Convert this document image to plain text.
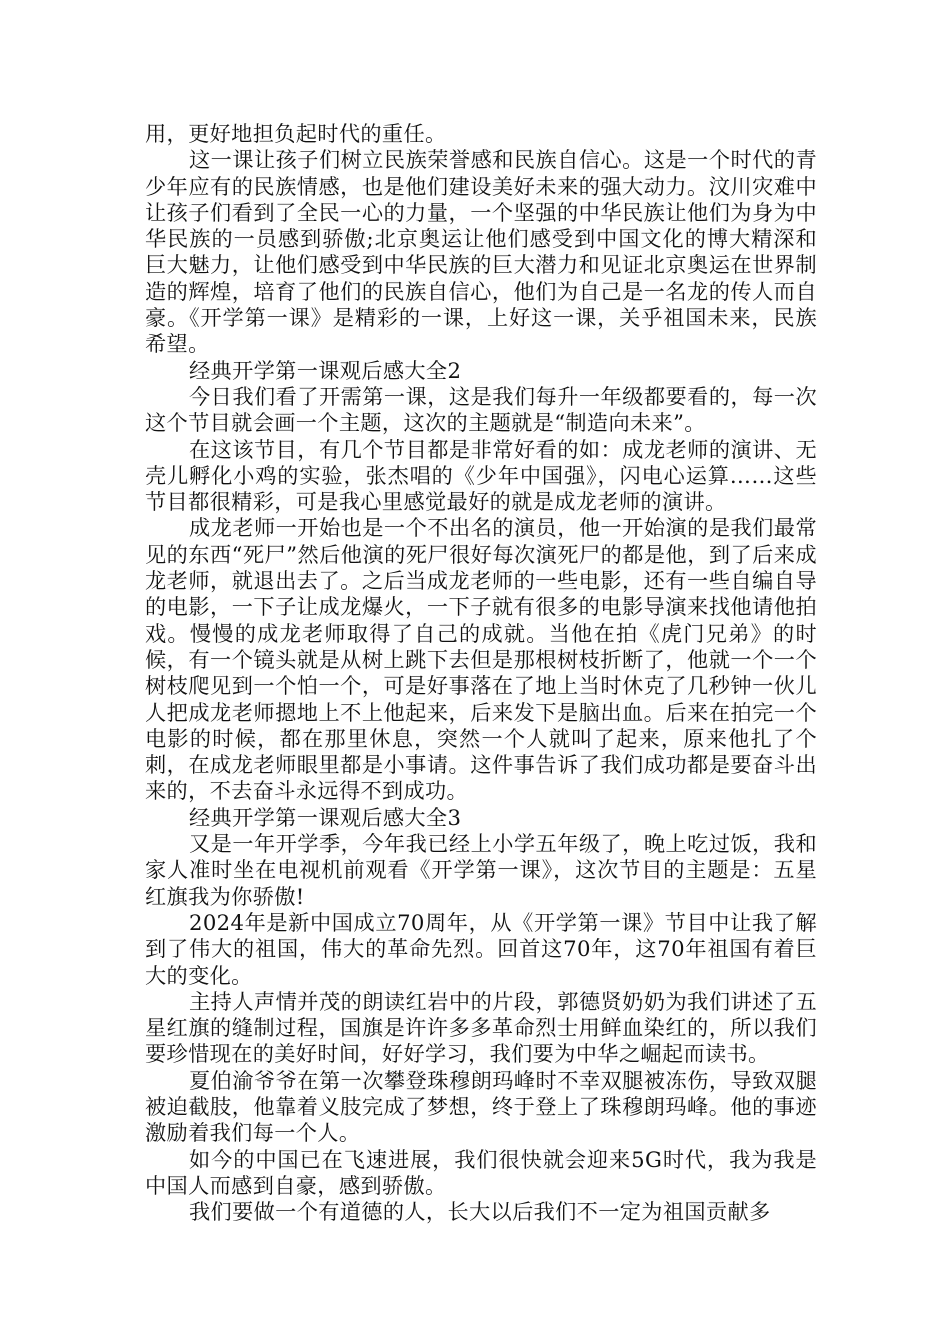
用，更好地担负起时代的重任。

这一课让孩子们树立民族荣誉感和民族自信心。这是一个时代的青少年应有的民族情感，也是他们建设美好未来的强大动力。汶川灾难中让孩子们看到了全民一心的力量，一个坚强的中华民族让他们为身为中华民族的一员感到骄傲;北京奥运让他们感受到中国文化的博大精深和巨大魅力，让他们感受到中华民族的巨大潜力和见证北京奥运在世界制造的辉煌，培育了他们的民族自信心，他们为自己是一名龙的传人而自豪。《开学第一课》是精彩的一课，上好这一课，关乎祖国未来，民族希望。

经典开学第一课观后感大全2

今日我们看了开需第一课，这是我们每升一年级都要看的，每一次这个节目就会画一个主题，这次的主题就是“制造向未来”。

在这该节目，有几个节目都是非常好看的如：成龙老师的演讲、无壳儿孵化小鸡的实验，张杰唱的《少年中国强》，闪电心运算……这些节目都很精彩，可是我心里感觉最好的就是成龙老师的演讲。

成龙老师一开始也是一个不出名的演员，他一开始演的是我们最常见的东西“死尸”然后他演的死尸很好每次演死尸的都是他，到了后来成龙老师，就退出去了。之后当成龙老师的一些电影，还有一些自编自导的电影，一下子让成龙爆火，一下子就有很多的电影导演来找他请他拍戏。慢慢的成龙老师取得了自己的成就。当他在拍《虎门兄弟》的时候，有一个镜头就是从树上跳下去但是那根树枝折断了，他就一个一个树枝爬见到一个怕一个，可是好事落在了地上当时休克了几秒钟一伙儿人把成龙老师摁地上不上他起来，后来发下是脑出血。后来在拍完一个电影的时候，都在那里休息，突然一个人就叫了起来，原来他扎了个刺，在成龙老师眼里都是小事请。这件事告诉了我们成功都是要奋斗出来的，不去奋斗永远得不到成功。

经典开学第一课观后感大全3

又是一年开学季，今年我已经上小学五年级了，晚上吃过饭，我和家人准时坐在电视机前观看《开学第一课》，这次节目的主题是：五星红旗我为你骄傲!

2024年是新中国成立70周年，从《开学第一课》节目中让我了解到了伟大的祖国，伟大的革命先烈。回首这70年，这70年祖国有着巨大的变化。

主持人声情并茂的朗读红岩中的片段，郭德贤奶奶为我们讲述了五星红旗的缝制过程，国旗是许许多多革命烈士用鲜血染红的，所以我们要珍惜现在的美好时间，好好学习，我们要为中华之崛起而读书。

夏伯渝爷爷在第一次攀登珠穆朗玛峰时不幸双腿被冻伤，导致双腿被迫截肢，他靠着义肢完成了梦想，终于登上了珠穆朗玛峰。他的事迹激励着我们每一个人。

如今的中国已在飞速进展，我们很快就会迎来5G时代，我为我是中国人而感到自豪，感到骄傲。

我们要做一个有道德的人，长大以后我们不一定为祖国贡献多
